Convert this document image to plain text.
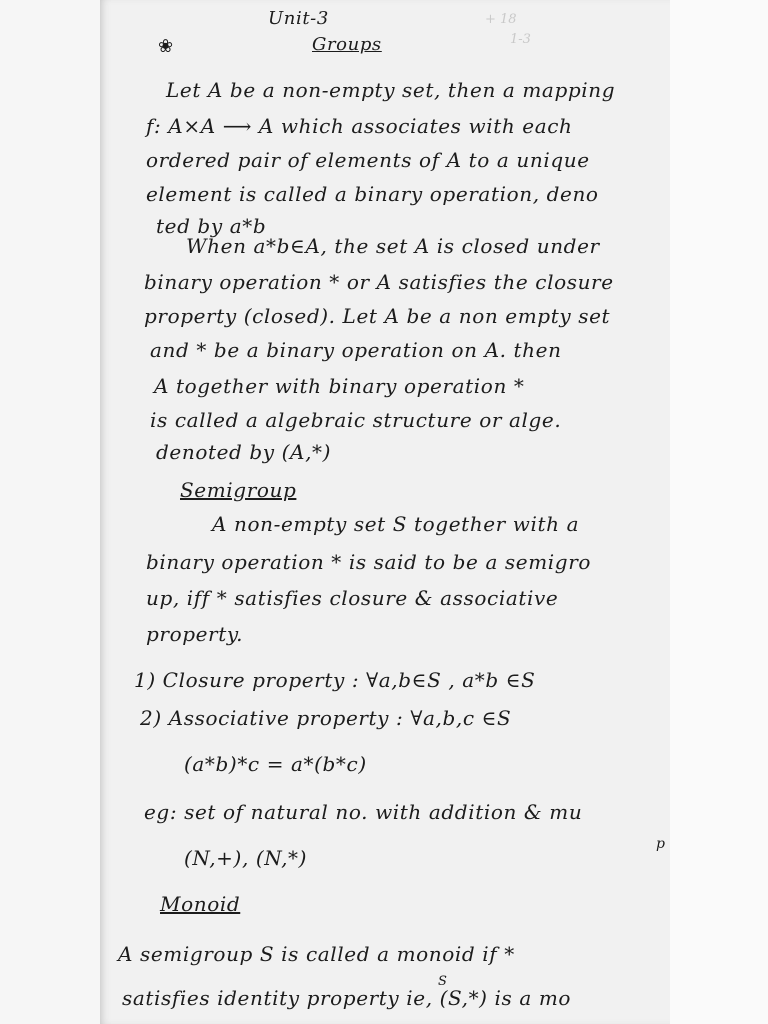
+ 18
1-3
Unit-3
❀	Groups
Let A be a non-empty set, then a mapping
f: A×A ⟶ A which associates with each
ordered pair of elements of A to a unique
element is called a binary operation, deno
ted by a*b
When a*b∈A, the set A is closed under
binary operation * or A satisfies the closure
property (closed). Let A be a non empty set
and * be a binary operation on A. then
A together with binary operation *
is called a algebraic structure or alge.
denoted by (A,*)
Semigroup
A non-empty set S together with a
binary operation * is said to be a semigro
up, iff * satisfies closure & associative
property.
1) Closure property : ∀a,b∈S , a*b ∈S
2) Associative property : ∀a,b,c ∈S
(a*b)*c = a*(b*c)
eg: set of natural no. with addition & mu
p
(N,+), (N,*)
Monoid
A semigroup S is called a monoid if *
S
satisfies identity property ie, (S,*) is a mo
